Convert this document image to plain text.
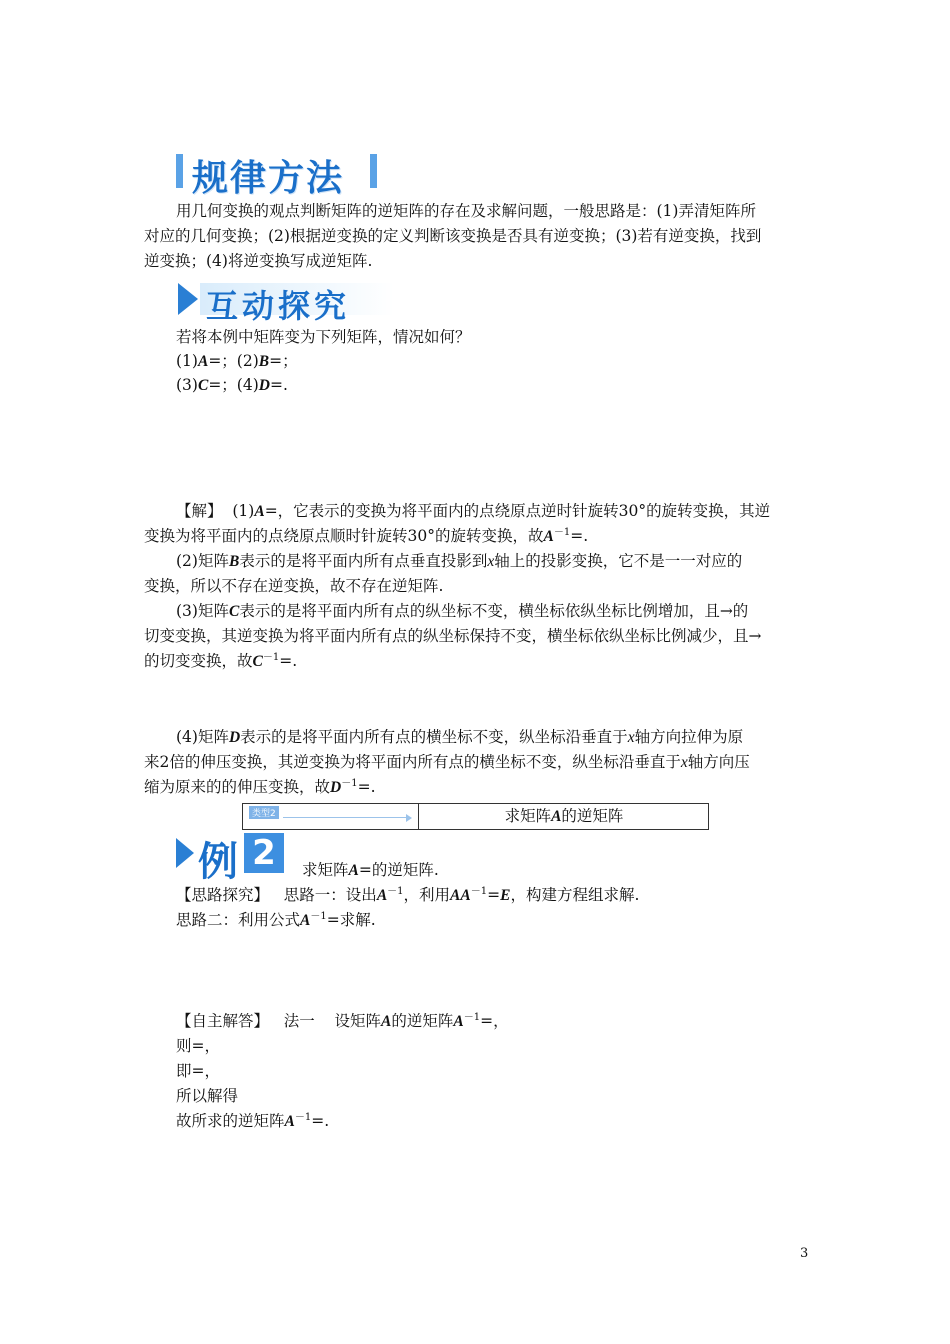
规律方法
用几何变换的观点判断矩阵的逆矩阵的存在及求解问题，一般思路是：(1)弄清矩阵所
对应的几何变换；(2)根据逆变换的定义判断该变换是否具有逆变换；(3)若有逆变换，找到
逆变换；(4)将逆变换写成逆矩阵.
互动探究
若将本例中矩阵变为下列矩阵，情况如何？
(1)A=；(2)B=；
(3)C=；(4)D=.
【解】 (1)A=，它表示的变换为将平面内的点绕原点逆时针旋转30°的旋转变换，其逆
变换为将平面内的点绕原点顺时针旋转30°的旋转变换，故$A^{-1}=$.
(2)矩阵B表示的是将平面内所有点垂直投影到x轴上的投影变换，它不是一一对应的
变换，所以不存在逆变换，故不存在逆矩阵.
(3)矩阵C表示的是将平面内所有点的纵坐标不变，横坐标依纵坐标比例增加，且→的
切变变换，其逆变换为将平面内所有点的纵坐标保持不变，横坐标依纵坐标比例减少，且→
的切变变换，故$C^{-1}=$.
(4)矩阵D表示的是将平面内所有点的横坐标不变，纵坐标沿垂直于x轴方向拉伸为原
来2倍的伸压变换，其逆变换为将平面内所有点的横坐标不变，纵坐标沿垂直于x轴方向压
缩为原来的的伸压变换，故$D^{-1}=$.
类型2	求矩阵A的逆矩阵
例 2	求矩阵A=的逆矩阵.
【思路探究】 思路一：设出$A^{-1}$，利用$AA^{-1}=E$，构建方程组求解.
思路二：利用公式$A^{-1}=$求解.
【自主解答】 法一 设矩阵A的逆矩阵$A^{-1}=$，
则=，
即=，
所以解得
故所求的逆矩阵$A^{-1}=$.
3
